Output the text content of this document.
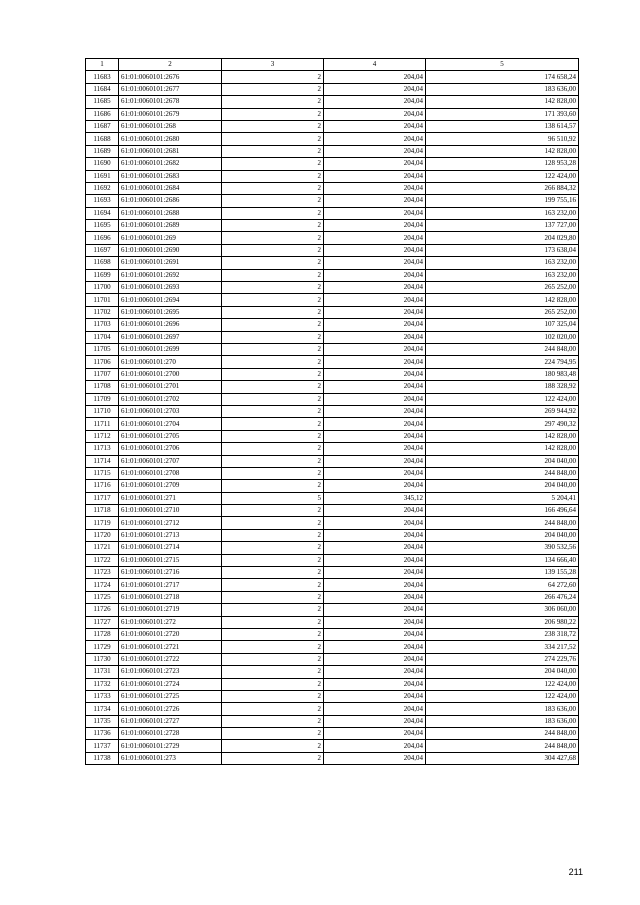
1	2	3	4	5
11683	61:01:0060101:2676	2	204,04	174 658,24
11684	61:01:0060101:2677	2	204,04	183 636,00
11685	61:01:0060101:2678	2	204,04	142 828,00
11686	61:01:0060101:2679	2	204,04	171 393,60
11687	61:01:0060101:268	2	204,04	138 614,57
11688	61:01:0060101:2680	2	204,04	96 510,92
11689	61:01:0060101:2681	2	204,04	142 828,00
11690	61:01:0060101:2682	2	204,04	128 953,28
11691	61:01:0060101:2683	2	204,04	122 424,00
11692	61:01:0060101:2684	2	204,04	266 884,32
11693	61:01:0060101:2686	2	204,04	199 755,16
11694	61:01:0060101:2688	2	204,04	163 232,00
11695	61:01:0060101:2689	2	204,04	137 727,00
11696	61:01:0060101:269	2	204,04	204 029,80
11697	61:01:0060101:2690	2	204,04	173 638,04
11698	61:01:0060101:2691	2	204,04	163 232,00
11699	61:01:0060101:2692	2	204,04	163 232,00
11700	61:01:0060101:2693	2	204,04	265 252,00
11701	61:01:0060101:2694	2	204,04	142 828,00
11702	61:01:0060101:2695	2	204,04	265 252,00
11703	61:01:0060101:2696	2	204,04	107 325,04
11704	61:01:0060101:2697	2	204,04	102 020,00
11705	61:01:0060101:2699	2	204,04	244 848,00
11706	61:01:0060101:270	2	204,04	224 794,95
11707	61:01:0060101:2700	2	204,04	180 983,48
11708	61:01:0060101:2701	2	204,04	188 328,92
11709	61:01:0060101:2702	2	204,04	122 424,00
11710	61:01:0060101:2703	2	204,04	269 944,92
11711	61:01:0060101:2704	2	204,04	297 490,32
11712	61:01:0060101:2705	2	204,04	142 828,00
11713	61:01:0060101:2706	2	204,04	142 828,00
11714	61:01:0060101:2707	2	204,04	204 040,00
11715	61:01:0060101:2708	2	204,04	244 848,00
11716	61:01:0060101:2709	2	204,04	204 040,00
11717	61:01:0060101:271	5	345,12	5 204,41
11718	61:01:0060101:2710	2	204,04	166 496,64
11719	61:01:0060101:2712	2	204,04	244 848,00
11720	61:01:0060101:2713	2	204,04	204 040,00
11721	61:01:0060101:2714	2	204,04	390 532,56
11722	61:01:0060101:2715	2	204,04	134 666,40
11723	61:01:0060101:2716	2	204,04	139 155,28
11724	61:01:0060101:2717	2	204,04	64 272,60
11725	61:01:0060101:2718	2	204,04	266 476,24
11726	61:01:0060101:2719	2	204,04	306 060,00
11727	61:01:0060101:272	2	204,04	206 980,22
11728	61:01:0060101:2720	2	204,04	238 318,72
11729	61:01:0060101:2721	2	204,04	334 217,52
11730	61:01:0060101:2722	2	204,04	274 229,76
11731	61:01:0060101:2723	2	204,04	204 040,00
11732	61:01:0060101:2724	2	204,04	122 424,00
11733	61:01:0060101:2725	2	204,04	122 424,00
11734	61:01:0060101:2726	2	204,04	183 636,00
11735	61:01:0060101:2727	2	204,04	183 636,00
11736	61:01:0060101:2728	2	204,04	244 848,00
11737	61:01:0060101:2729	2	204,04	244 848,00
11738	61:01:0060101:273	2	204,04	304 427,68
211
